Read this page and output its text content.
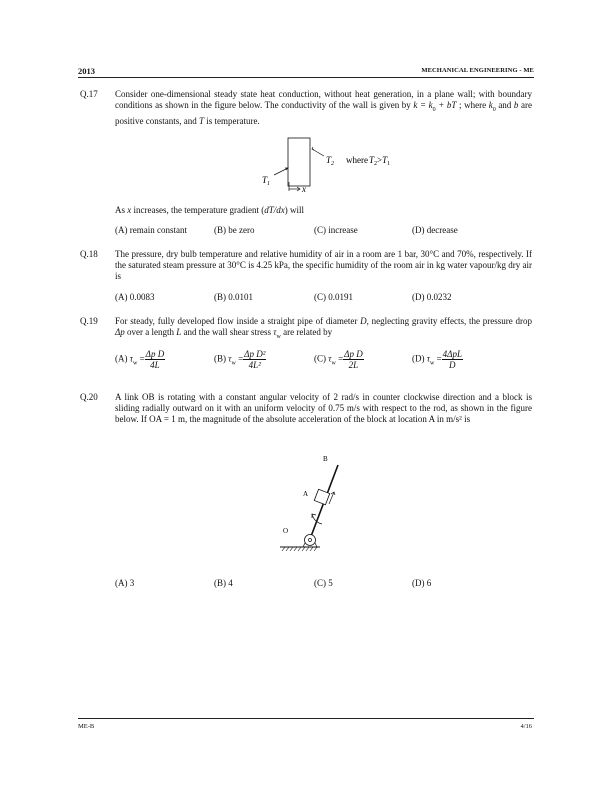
2013	MECHANICAL ENGINEERING - ME
Q.17	Consider one-dimensional steady state heat conduction, without heat generation, in a plane wall; with boundary conditions as shown in the figure below. The conductivity of the wall is given by $k = k_0$ + bT ; where $k_0$ and b are positive constants, and T is temperature.
$T_2$ $whereT_2>T_1$
$T_1$	x
As x increases, the temperature gradient (dT/dx) will
(A) remain constant	(B) be zero	(C) increase	(D) decrease
Q.18	The pressure, dry bulb temperature and relative humidity of air in a room are 1 bar, 30°C and 70%, respectively. If the saturated steam pressure at 30°C is 4.25 kPa, the specific humidity of the room air in kg water vapour/kg dry air is
(A) 0.0083	(B) 0.0101	(C) 0.0191	(D) 0.0232
Q.19	For steady, fully developed flow inside a straight pipe of diameter D, neglecting gravity effects, the pressure drop Δp over a length L and the wall shear stress $\tau_w$ are related by
(A) $\tau_w = \frac{\text{Δp D}}{4L}$	(B) $\tau_w = \frac{\text{Δp D²}}{\text{4L²}}$	(C) $\tau_w = \frac{\text{Δp D}}{2L}$	(D) $\tau_w = \frac{\text{4ΔpL}}{D}$
Q.20	A link OB is rotating with a constant angular velocity of 2 rad/s in counter clockwise direction and a block is sliding radially outward on it with an uniform velocity of 0.75 m/s with respect to the rod, as shown in the figure below. If OA = 1 m, the magnitude of the absolute acceleration of the block at location A in m/s² is
B
A
O
(A) 3	(B) 4	(C) 5	(D) 6
ME-B	4/16
